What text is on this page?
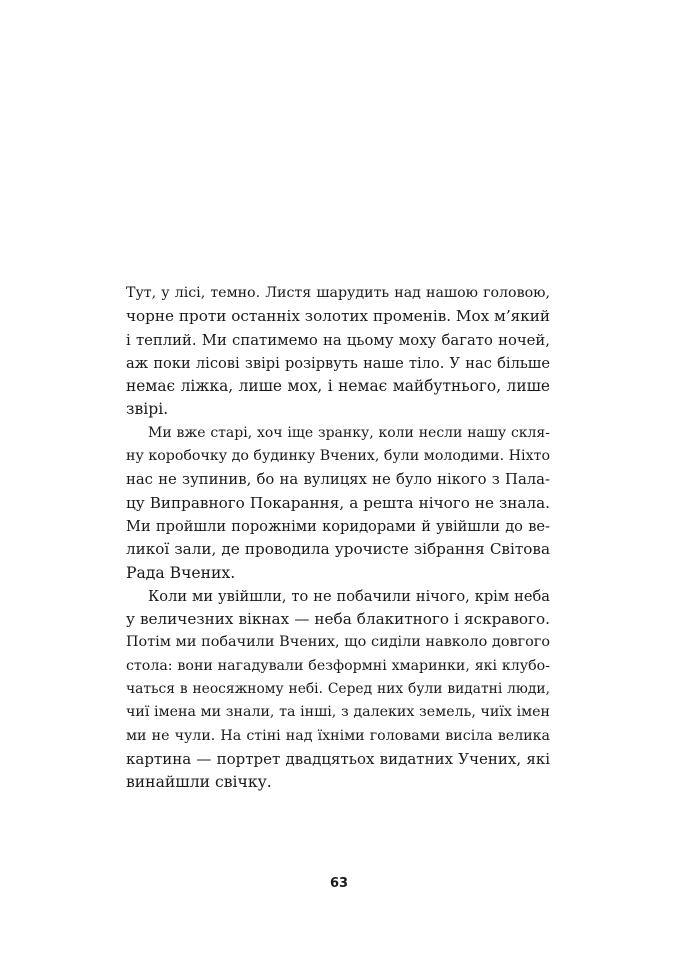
Тут, у лісі, темно. Листя шарудить над нашою головою,
чорне проти останніх золотих променів. Мох м’який
і теплий. Ми спатимемо на цьому моху багато ночей,
аж поки лісові звірі розірвуть наше тіло. У нас більше
немає ліжка, лише мох, і немає майбутнього, лише
звірі.
Ми вже старі, хоч іще зранку, коли несли нашу скля-
ну коробочку до будинку Вчених, були молодими. Ніхто
нас не зупинив, бо на вулицях не було нікого з Пала-
цу Виправного Покарання, а решта нічого не знала.
Ми пройшли порожніми коридорами й увійшли до ве-
ликої зали, де проводила урочисте зібрання Світова
Рада Вчених.
Коли ми увійшли, то не побачили нічого, крім неба
у величезних вікнах — неба блакитного і яскравого.
Потім ми побачили Вчених, що сиділи навколо довгого
стола: вони нагадували безформні хмаринки, які клубо-
чаться в неосяжному небі. Серед них були видатні люди,
чиї імена ми знали, та інші, з далеких земель, чиїх імен
ми не чули. На стіні над їхніми головами висіла велика
картина — портрет двадцятьох видатних Учених, які
винайшли свічку.
63
